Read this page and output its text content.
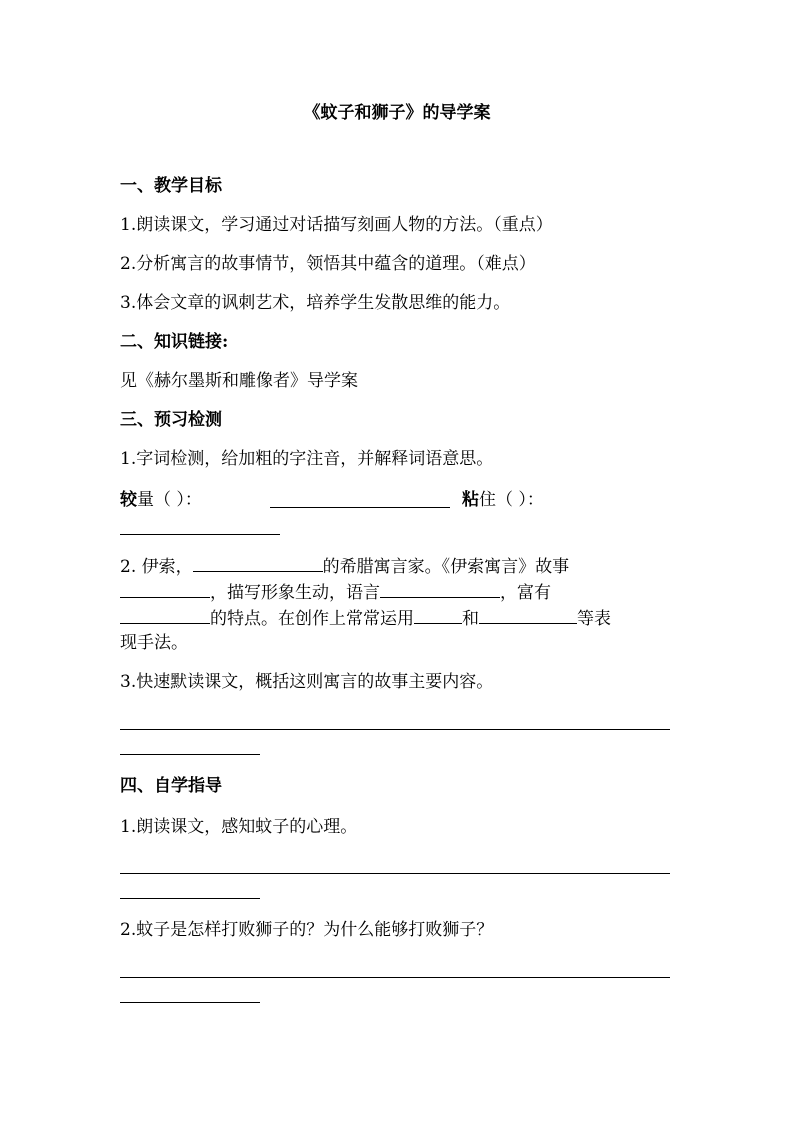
《蚊子和狮子》的导学案
一、教学目标
1.朗读课文，学习通过对话描写刻画人物的方法。（重点）
2.分析寓言的故事情节，领悟其中蕴含的道理。（难点）
3.体会文章的讽刺艺术，培养学生发散思维的能力。
二、知识链接:
见《赫尔墨斯和雕像者》导学案
三、预习检测
1.字词检测，给加粗的字注音，并解释词语意思。
较量（ ）：	粘住（ ）：
2. 伊索，	的希腊寓言家。《伊索寓言》故事
，描写形象生动，语言	，富有
的特点。在创作上常常运用	和	等表
现手法。
3.快速默读课文，概括这则寓言的故事主要内容。
四、自学指导
1.朗读课文，感知蚊子的心理。
2.蚊子是怎样打败狮子的？为什么能够打败狮子？
